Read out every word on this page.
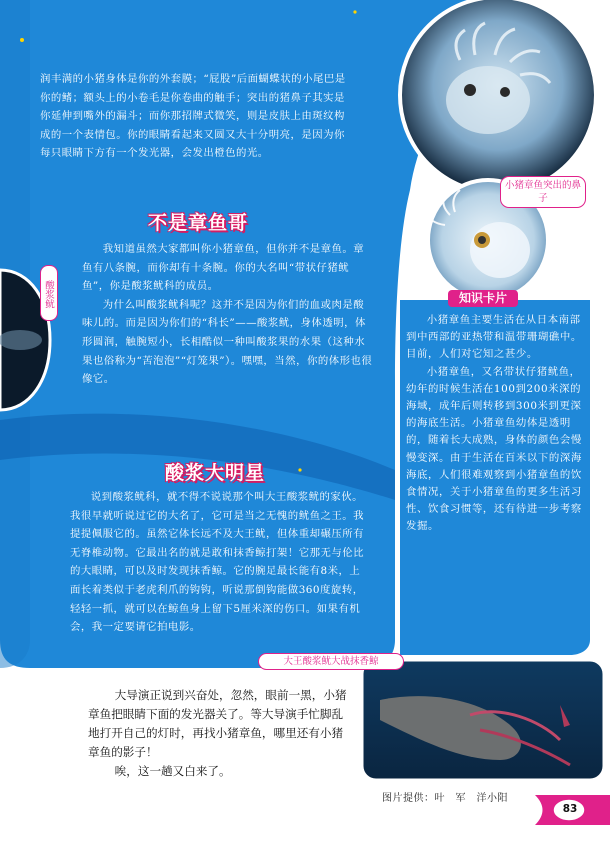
润丰满的小猪身体是你的外套膜；“屁股”后面蝴蝶状的小尾巴是你的鳍；额头上的小卷毛是你卷曲的触手；突出的猪鼻子其实是你延伸到嘴外的漏斗；而你那招牌式微笑，则是皮肤上由斑纹构成的一个表情包。你的眼睛看起来又圆又大十分明亮，是因为你每只眼睛下方有一个发光器，会发出橙色的光。

不是章鱼哥

我知道虽然大家都叫你小猪章鱼，但你并不是章鱼。章鱼有八条腕，而你却有十条腕。你的大名叫“带状仔猪鱿鱼”，你是酸浆鱿科的成员。

为什么叫酸浆鱿科呢？这并不是因为你们的血或肉是酸味儿的。而是因为你们的“科长”——酸浆鱿，身体透明，体形圆润，触腕短小，长相酷似一种叫酸浆果的水果（这种水果也俗称为“苦泡泡”“灯笼果”）。嘿嘿，当然，你的体形也很像它。

酸浆鱿
酸浆大明星

说到酸浆鱿科，就不得不说说那个叫大王酸浆鱿的家伙。我很早就听说过它的大名了，它可是当之无愧的鱿鱼之王。我提提佩服它的。虽然它体长远不及大王鱿，但体重却碾压所有无脊椎动物。它最出名的就是敢和抹香鲸打架！它那无与伦比的大眼睛，可以及时发现抹香鲸。它的腕足最长能有8米，上面长着类似于老虎利爪的钩钩，听说那倒钩能做360度旋转，轻轻一抓，就可以在鲸鱼身上留下5厘米深的伤口。如果有机会，我一定要请它拍电影。

小猪章鱼突出的鼻子
大王酸浆鱿大战抹香鲸
知识卡片

小猪章鱼主要生活在从日本南部到中西部的亚热带和温带珊瑚礁中。目前，人们对它知之甚少。

小猪章鱼，又名带状仔猪鱿鱼，幼年的时候生活在100到200米深的海域，成年后则转移到300米到更深的海底生活。小猪章鱼幼体是透明的，随着长大成熟，身体的颜色会慢慢变深。由于生活在百米以下的深海海底，人们很难观察到小猪章鱼的饮食情况，关于小猪章鱼的更多生活习性、饮食习惯等，还有待进一步考察发掘。

大导演正说到兴奋处，忽然，眼前一黑，小猪章鱼把眼睛下面的发光器关了。等大导演手忙脚乱地打开自己的灯时，再找小猪章鱼，哪里还有小猪章鱼的影子！

唉，这一趟又白来了。

图片提供：叶　军　洋小阳
83
